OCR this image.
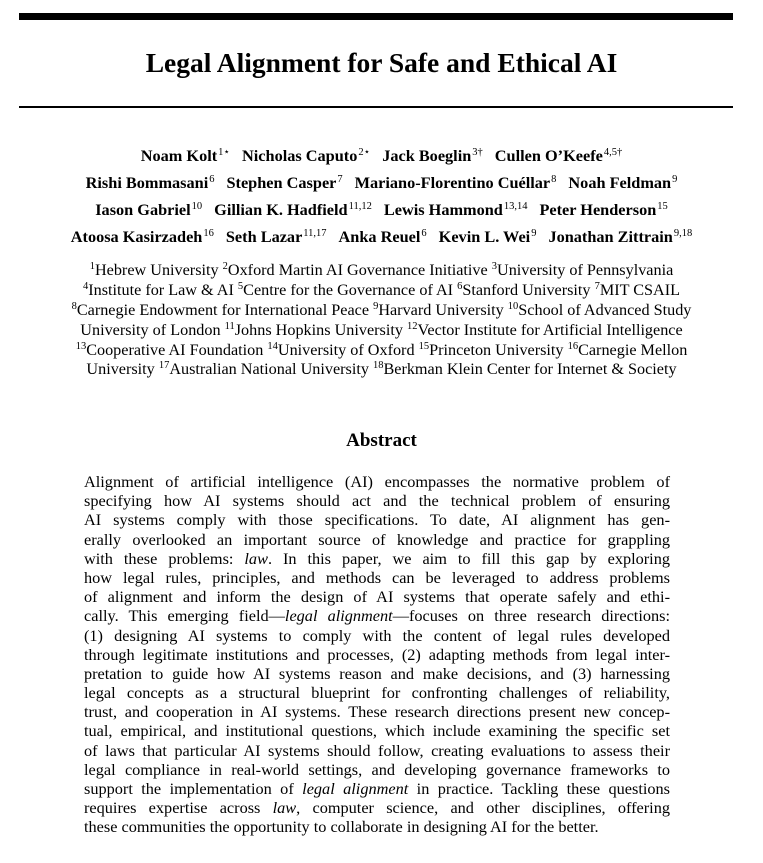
Legal Alignment for Safe and Ethical AI
Noam Kolt$^{1⋆}$ Nicholas Caputo$^{2⋆}$ Jack Boeglin$^{3\dagger}$ Cullen O’Keefe$^{4,5\dagger}$
Rishi Bommasani$^6$ Stephen Casper$^7$ Mariano-Florentino Cuéllar$^8$ Noah Feldman$^9$
Iason Gabriel$^{10}$ Gillian K. Hadfield$^{11,12}$ Lewis Hammond$^{13,14}$ Peter Henderson$^{15}$
Atoosa Kasirzadeh$^{16}$ Seth Lazar$^{11,17}$ Anka Reuel$^6$ Kevin L. Wei$^9$ Jonathan Zittrain$^{9,18}$
$^1$Hebrew University $^2$Oxford Martin AI Governance Initiative $^3$University of Pennsylvania
$^4$Institute for Law & AI $^5$Centre for the Governance of AI $^6$Stanford University $^7$MIT CSAIL
$^8$Carnegie Endowment for International Peace $^9$Harvard University $^{10}$School of Advanced Study
University of London $^{11}$Johns Hopkins University $^{12}$Vector Institute for Artificial Intelligence
$^{13}$Cooperative AI Foundation $^{14}$University of Oxford $^{15}$Princeton University $^{16}$Carnegie Mellon
University $^{17}$Australian National University $^{18}$Berkman Klein Center for Internet & Society
Abstract
Alignment of artificial intelligence (AI) encompasses the normative problem of
specifying how AI systems should act and the technical problem of ensuring
AI systems comply with those specifications. To date, AI alignment has gen-
erally overlooked an important source of knowledge and practice for grappling
with these problems: law. In this paper, we aim to fill this gap by exploring
how legal rules, principles, and methods can be leveraged to address problems
of alignment and inform the design of AI systems that operate safely and ethi-
cally. This emerging field—legal alignment—focuses on three research directions:
(1) designing AI systems to comply with the content of legal rules developed
through legitimate institutions and processes, (2) adapting methods from legal inter-
pretation to guide how AI systems reason and make decisions, and (3) harnessing
legal concepts as a structural blueprint for confronting challenges of reliability,
trust, and cooperation in AI systems. These research directions present new concep-
tual, empirical, and institutional questions, which include examining the specific set
of laws that particular AI systems should follow, creating evaluations to assess their
legal compliance in real-world settings, and developing governance frameworks to
support the implementation of legal alignment in practice. Tackling these questions
requires expertise across law, computer science, and other disciplines, offering
these communities the opportunity to collaborate in designing AI for the better.
